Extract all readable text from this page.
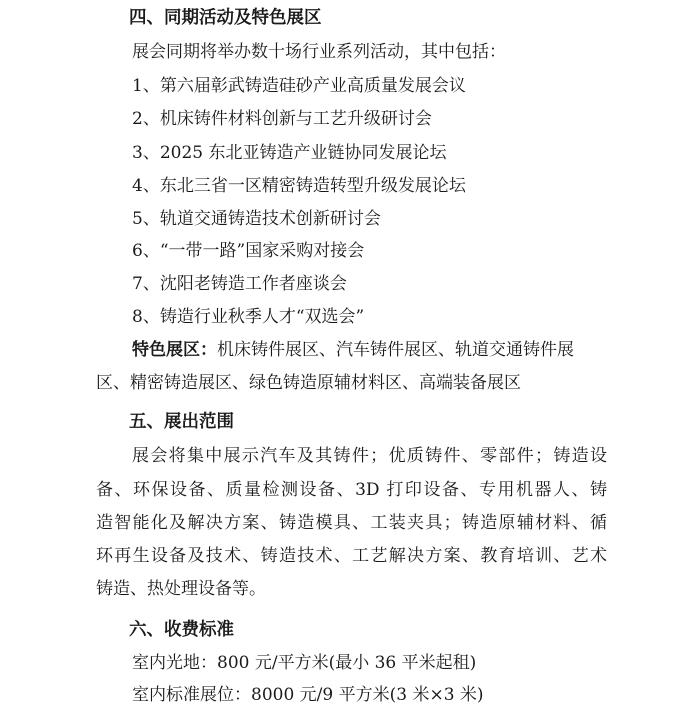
四、同期活动及特色展区
展会同期将举办数十场行业系列活动，其中包括：
1、第六届彰武铸造硅砂产业高质量发展会议
2、机床铸件材料创新与工艺升级研讨会
3、2025 东北亚铸造产业链协同发展论坛
4、东北三省一区精密铸造转型升级发展论坛
5、轨道交通铸造技术创新研讨会
6、“一带一路”国家采购对接会
7、沈阳老铸造工作者座谈会
8、铸造行业秋季人才“双选会”
特色展区：机床铸件展区、汽车铸件展区、轨道交通铸件展
区、精密铸造展区、绿色铸造原辅材料区、高端装备展区
五、展出范围
展会将集中展示汽车及其铸件；优质铸件、零部件；铸造设
备、环保设备、质量检测设备、3D 打印设备、专用机器人、铸
造智能化及解决方案、铸造模具、工装夹具；铸造原辅材料、循
环再生设备及技术、铸造技术、工艺解决方案、教育培训、艺术
铸造、热处理设备等。
六、收费标准
室内光地：800 元/平方米(最小 36 平米起租)
室内标准展位：8000 元/9 平方米(3 米×3 米)
